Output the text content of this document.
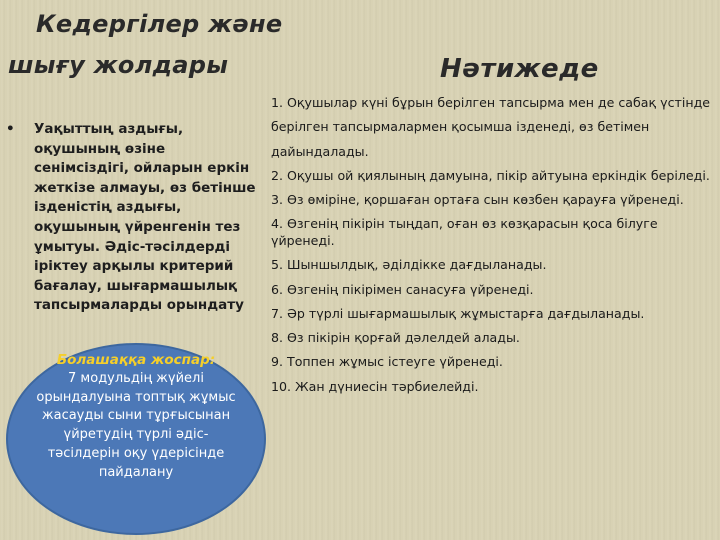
Кедергілер және
шығу жолдары	Нәтижеде
•	Уақыттың аздығы, оқушының өзіне сенімсіздігі, ойларын еркін жеткізе алмауы, өз бетінше ізденістің аздығы, оқушының үйренгенін тез ұмытуы. Әдіс-тәсілдерді іріктеу арқылы критерий бағалау, шығармашылық тапсырмаларды орындату

1. Оқушылар күні бұрын берілген тапсырма мен де сабақ үстінде

берілген тапсырмалармен қосымша ізденеді, өз бетімен

дайындалады.

2. Оқушы ой қиялының дамуына, пікір айтуына еркіндік беріледі.

3. Өз өміріне, қоршаған ортаға сын көзбен қарауға үйренеді.

4. Өзгенің пікірін тыңдап, оған өз көзқарасын қоса білуге үйренеді.

5. Шыншылдық, әділдікке дағдыланады.

6. Өзгенің пікірімен санасуға үйренеді.

7. Әр түрлі шығармашылық жұмыстарға дағдыланады.

8. Өз пікірін қорғай дәлелдей алады.

9. Топпен жұмыс істеуге үйренеді.

10. Жан дүниесін тәрбиелейді.

Болашаққа жоспар:
7 модульдің жүйелі орындалуына топтық жұмыс жасауды сыни тұрғысынан үйретудің түрлі әдіс-тәсілдерін оқу үдерісінде пайдалану
